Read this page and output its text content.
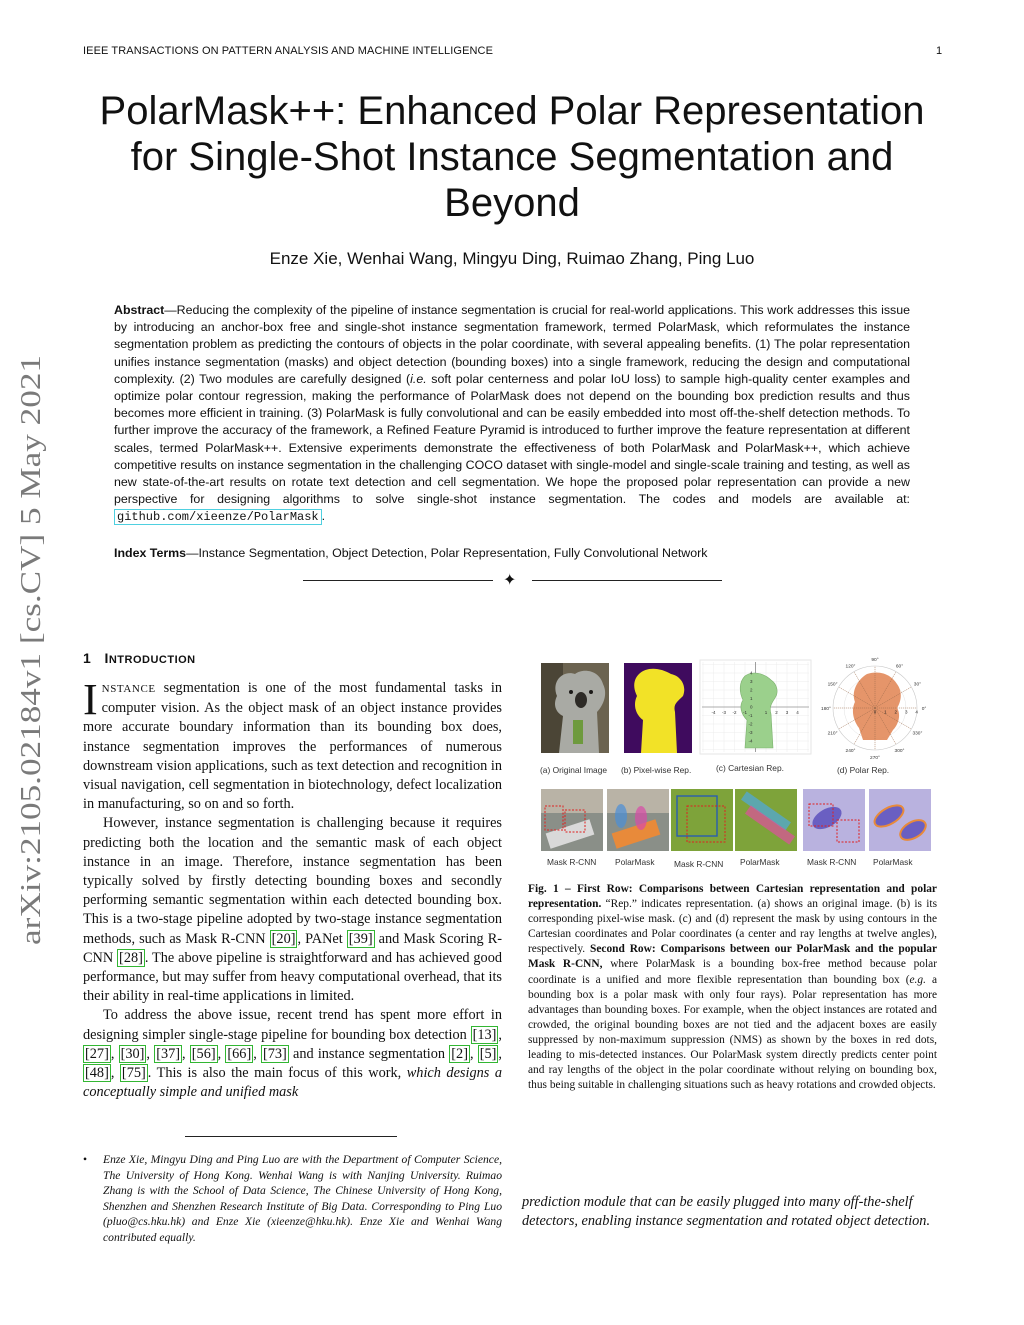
IEEE TRANSACTIONS ON PATTERN ANALYSIS AND MACHINE INTELLIGENCE	1
arXiv:2105.02184v1 [cs.CV] 5 May 2021
PolarMask++: Enhanced Polar Representation
for Single-Shot Instance Segmentation and
Beyond
Enze Xie, Wenhai Wang, Mingyu Ding, Ruimao Zhang, Ping Luo

Abstract—Reducing the complexity of the pipeline of instance segmentation is crucial for real-world applications. This work addresses this issue by introducing an anchor-box free and single-shot instance segmentation framework, termed PolarMask, which reformulates the instance segmentation problem as predicting the contours of objects in the polar coordinate, with several appealing benefits. (1) The polar representation unifies instance segmentation (masks) and object detection (bounding boxes) into a single framework, reducing the design and computational complexity. (2) Two modules are carefully designed (i.e. soft polar centerness and polar IoU loss) to sample high-quality center examples and optimize polar contour regression, making the performance of PolarMask does not depend on the bounding box prediction results and thus becomes more efficient in training. (3) PolarMask is fully convolutional and can be easily embedded into most off-the-shelf detection methods. To further improve the accuracy of the framework, a Refined Feature Pyramid is introduced to further improve the feature representation at different scales, termed PolarMask++. Extensive experiments demonstrate the effectiveness of both PolarMask and PolarMask++, which achieve competitive results on instance segmentation in the challenging COCO dataset with single-model and single-scale training and testing, as well as new state-of-the-art results on rotate text detection and cell segmentation. We hope the proposed polar representation can provide a new perspective for designing algorithms to solve single-shot instance segmentation. The codes and models are available at: github.com/xieenze/PolarMask .

Index Terms—Instance Segmentation, Object Detection, Polar Representation, Fully Convolutional Network
✦
1 INTRODUCTION

INSTANCE segmentation is one of the most fundamental tasks in computer vision. As the object mask of an object instance provides more accurate boundary information than its bounding box does, instance segmentation improves the performances of numerous downstream vision applications, such as text detection and recognition in visual navigation, cell segmentation in biotechnology, defect localization in manufacturing, so on and so forth.

However, instance segmentation is challenging because it requires predicting both the location and the semantic mask of each object instance in an image. Therefore, instance segmentation has been typically solved by firstly detecting bounding boxes and secondly performing semantic segmentation within each detected bounding box. This is a two-stage pipeline adopted by two-stage instance segmentation methods, such as Mask R-CNN [20] , PANet [39] and Mask Scoring R-CNN [28] . The above pipeline is straightforward and has achieved good performance, but may suffer from heavy computational overhead, that its their ability in real-time applications in limited.

To address the above issue, recent trend has spent more effort in designing simpler single-stage pipeline for bounding box detection [13] , [27] , [30] , [37] , [56] , [66] , [73] and instance segmentation [2] , [5] , [48] , [75] . This is also the main focus of this work, which designs a conceptually simple and unified mask

• Enze Xie, Mingyu Ding and Ping Luo are with the Department of Computer Science, The University of Hong Kong. Wenhai Wang is with Nanjing University. Ruimao Zhang is with the School of Data Science, The Chinese University of Hong Kong, Shenzhen and Shenzhen Research Institute of Big Data. Corresponding to Ping Luo (pluo@cs.hku.hk) and Enze Xie (xieenze@hku.hk). Enze Xie and Wenhai Wang contributed equally.
-4 -3 -2 -1	1 2 3 4
4
3
2
1
0
-1
-2
-3
-4
90°
60°
30°
0°
330°
300°
270°
240°
210°
180°
150°
120°
0 1 2 3 4
(a) Original Image (b) Pixel-wise Rep.	(c) Cartesian Rep.	(d) Polar Rep.
Mask R-CNN PolarMask Mask R-CNN PolarMask	Mask R-CNN PolarMask

Fig. 1 – First Row: Comparisons between Cartesian representation and polar representation. “Rep.” indicates representation. (a) shows an original image. (b) is its corresponding pixel-wise mask. (c) and (d) represent the mask by using contours in the Cartesian coordinates and Polar coordinates (a center and ray lengths at twelve angles), respectively. Second Row: Comparisons between our PolarMask and the popular Mask R-CNN, where PolarMask is a bounding box-free method because polar coordinate is a unified and more flexible representation than bounding box (e.g. a bounding box is a polar mask with only four rays). Polar representation has more advantages than bounding boxes. For example, when the object instances are rotated and crowded, the original bounding boxes are not tied and the adjacent boxes are easily suppressed by non-maximum suppression (NMS) as shown by the boxes in red dots, leading to mis-detected instances. Our PolarMask system directly predicts center point and ray lengths of the object in the polar coordinate without relying on bounding box, thus being suitable in challenging situations such as heavy rotations and crowded objects.

prediction module that can be easily plugged into many off-the-shelf detectors, enabling instance segmentation and rotated object detection.
